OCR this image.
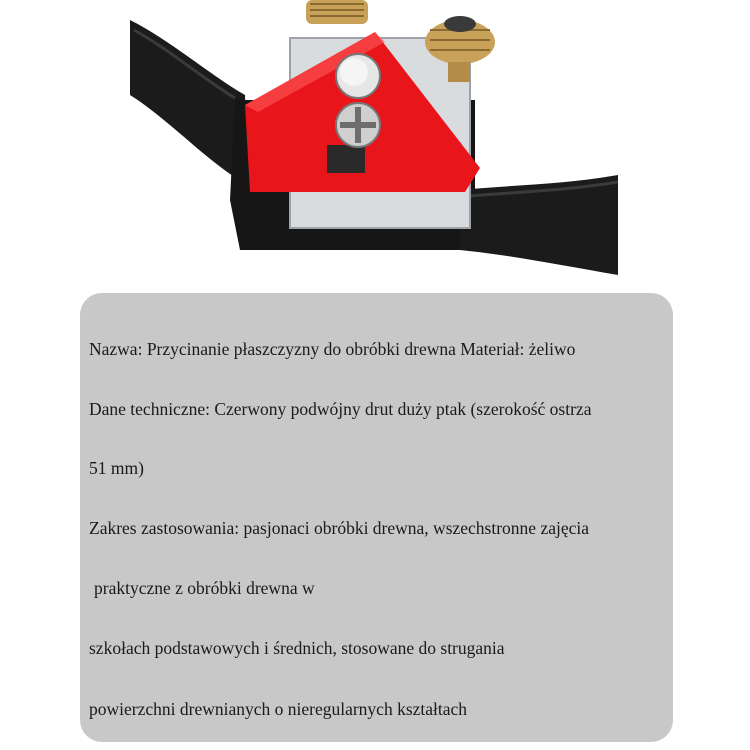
Nazwa: Przycinanie płaszczyzny do obróbki drewna Materiał: żeliwo

Dane techniczne: Czerwony podwójny drut duży ptak (szerokość ostrza

51 mm)

Zakres zastosowania: pasjonaci obróbki drewna, wszechstronne zajęcia

praktyczne z obróbki drewna w

szkołach podstawowych i średnich, stosowane do strugania

powierzchni drewnianych o nieregularnych kształtach
